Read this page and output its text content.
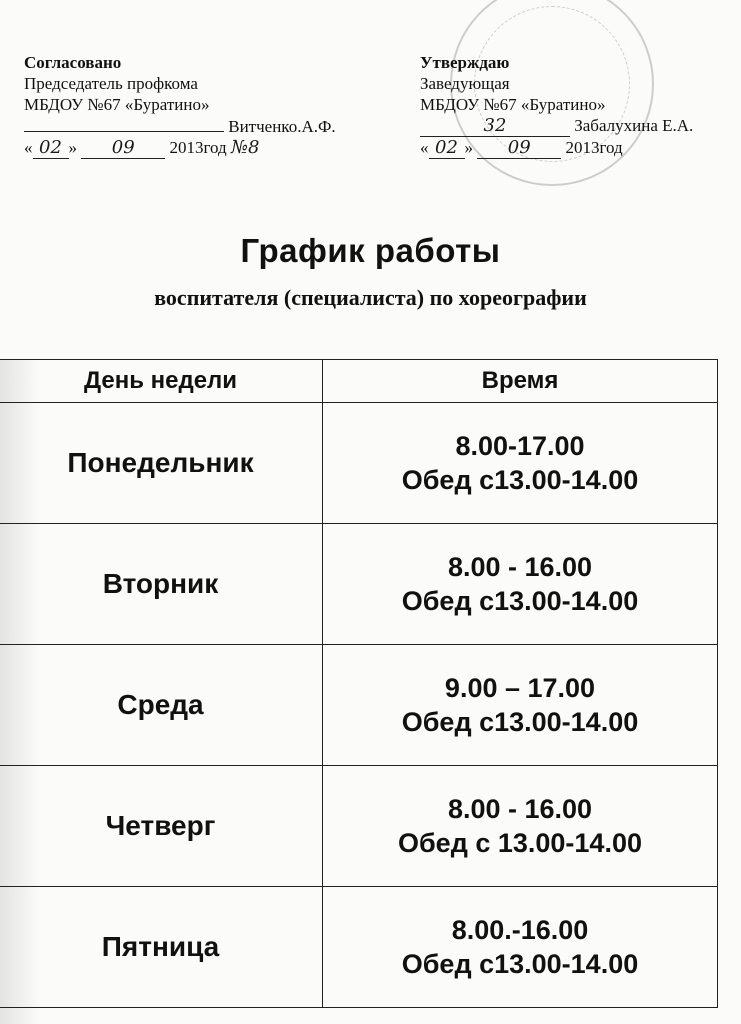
Согласовано
Председатель профкома
МБДОУ №67 «Буратино»
Витченко.А.Ф.
« 02 » 09 2013год №8
Утверждаю
Заведующая
МБДОУ №67 «Буратино»
32	Забалухина Е.А.
« 02 » 09 2013год
График работы
воспитателя (специалиста) по хореографии
День недели	Время
Понедельник	8.00-17.00
Обед с13.00-14.00

Вторник	8.00 - 16.00
Обед с13.00-14.00

Среда	9.00 – 17.00
Обед с13.00-14.00

Четверг	8.00 - 16.00
Обед с 13.00-14.00

Пятница	8.00.-16.00
Обед с13.00-14.00
